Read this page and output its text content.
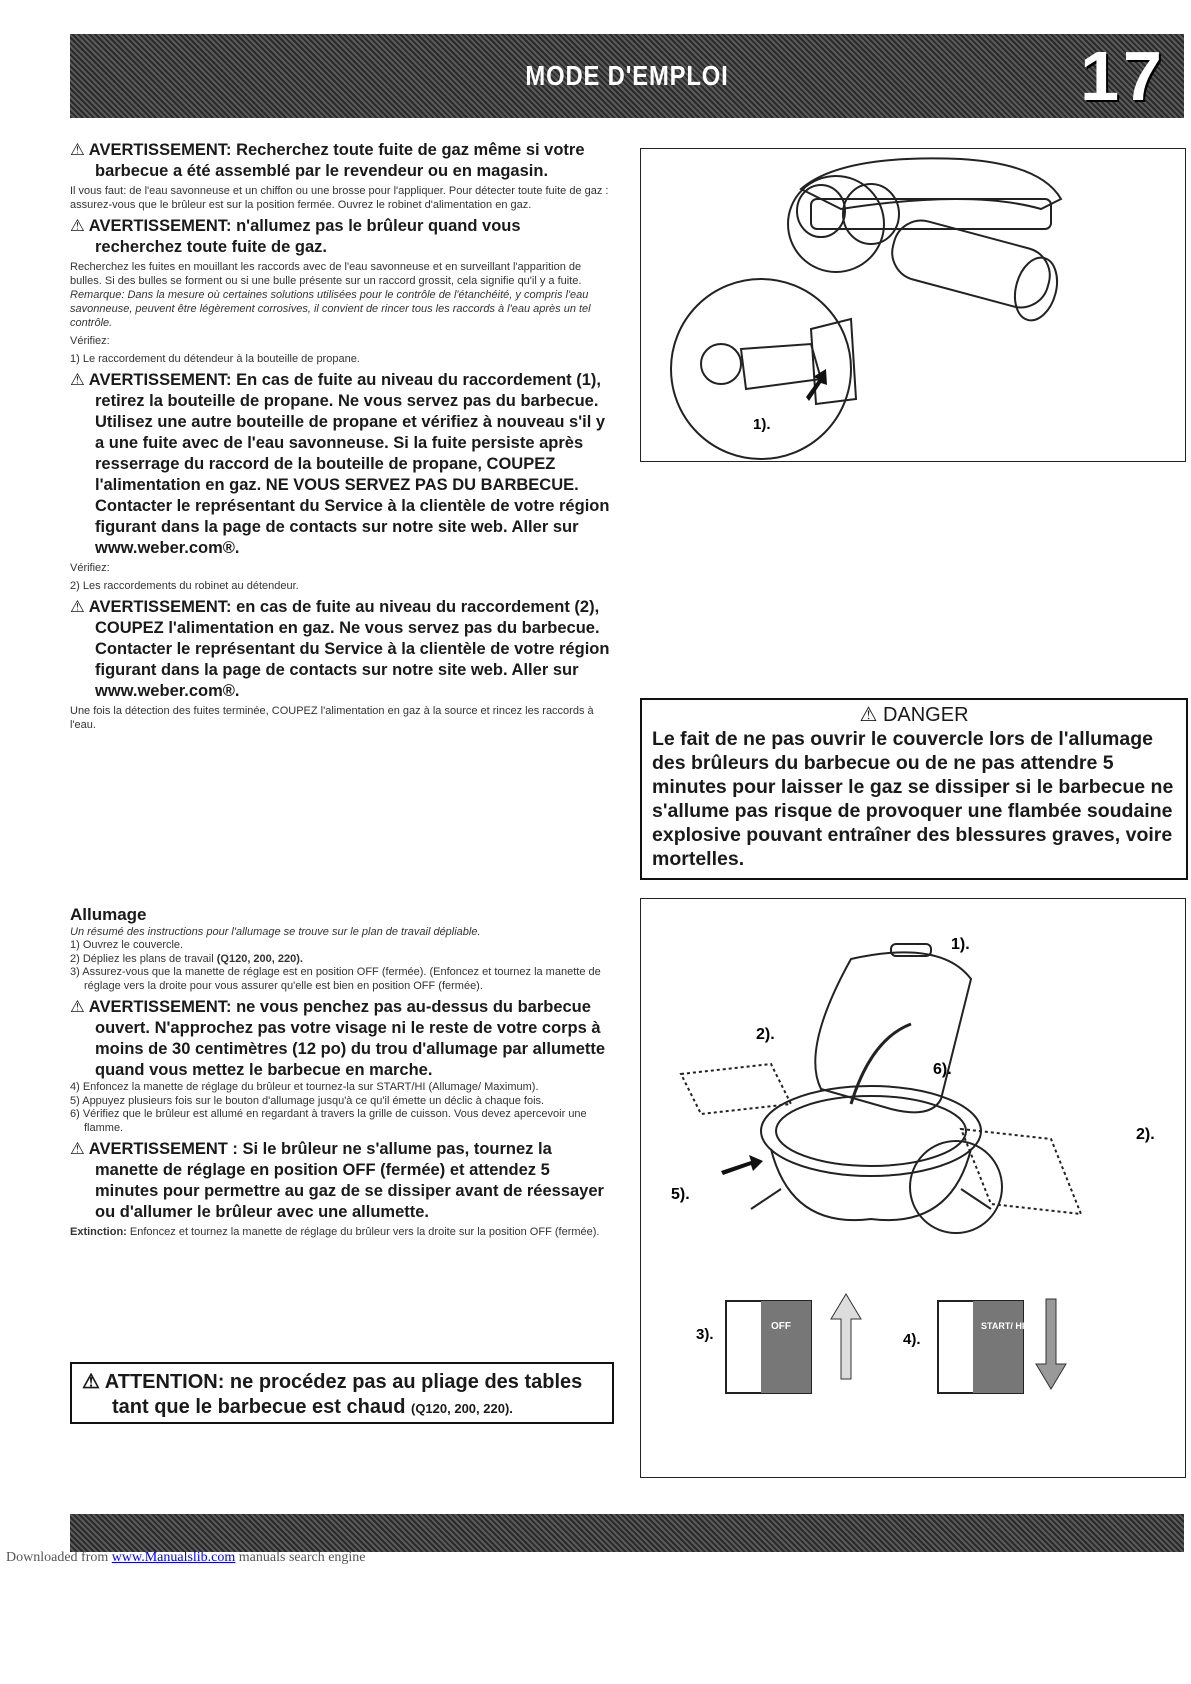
MODE D'EMPLOI	17

⚠ AVERTISSEMENT: Recherchez toute fuite de gaz même si votre barbecue a été assemblé par le revendeur ou en magasin.

Il vous faut: de l'eau savonneuse et un chiffon ou une brosse pour l'appliquer. Pour détecter toute fuite de gaz : assurez-vous que le brûleur est sur la position fermée. Ouvrez le robinet d'alimentation en gaz.

⚠ AVERTISSEMENT: n'allumez pas le brûleur quand vous recherchez toute fuite de gaz.

Recherchez les fuites en mouillant les raccords avec de l'eau savonneuse et en surveillant l'apparition de bulles. Si des bulles se forment ou si une bulle présente sur un raccord grossit, cela signifie qu'il y a fuite. Remarque: Dans la mesure où certaines solutions utilisées pour le contrôle de l'étanchéité, y compris l'eau savonneuse, peuvent être légèrement corrosives, il convient de rincer tous les raccords à l'eau après un tel contrôle.

Vérifiez:

1) Le raccordement du détendeur à la bouteille de propane.

⚠ AVERTISSEMENT: En cas de fuite au niveau du raccordement (1), retirez la bouteille de propane. Ne vous servez pas du barbecue. Utilisez une autre bouteille de propane et vérifiez à nouveau s'il y a une fuite avec de l'eau savonneuse. Si la fuite persiste après resserrage du raccord de la bouteille de propane, COUPEZ l'alimentation en gaz. NE VOUS SERVEZ PAS DU BARBECUE. Contacter le représentant du Service à la clientèle de votre région figurant dans la page de contacts sur notre site web. Aller sur www.weber.com®.

Vérifiez:

2) Les raccordements du robinet au détendeur.

⚠ AVERTISSEMENT: en cas de fuite au niveau du raccordement (2), COUPEZ l'alimentation en gaz. Ne vous servez pas du barbecue. Contacter le représentant du Service à la clientèle de votre région figurant dans la page de contacts sur notre site web. Aller sur www.weber.com®.

Une fois la détection des fuites terminée, COUPEZ l'alimentation en gaz à la source et rincez les raccords à l'eau.

Allumage

Un résumé des instructions pour l'allumage se trouve sur le plan de travail dépliable.

1) Ouvrez le couvercle.

2) Dépliez les plans de travail (Q120, 200, 220).

3) Assurez-vous que la manette de réglage est en position OFF (fermée). (Enfoncez et tournez la manette de réglage vers la droite pour vous assurer qu'elle est bien en position OFF (fermée).

⚠ AVERTISSEMENT: ne vous penchez pas au-dessus du barbecue ouvert. N'approchez pas votre visage ni le reste de votre corps à moins de 30 centimètres (12 po) du trou d'allumage par allumette quand vous mettez le barbecue en marche.

4) Enfoncez la manette de réglage du brûleur et tournez-la sur START/HI (Allumage/ Maximum).

5) Appuyez plusieurs fois sur le bouton d'allumage jusqu'à ce qu'il émette un déclic à chaque fois.

6) Vérifiez que le brûleur est allumé en regardant à travers la grille de cuisson. Vous devez apercevoir une flamme.

⚠ AVERTISSEMENT : Si le brûleur ne s'allume pas, tournez la manette de réglage en position OFF (fermée) et attendez 5 minutes pour permettre au gaz de se dissiper avant de réessayer ou d'allumer le brûleur avec une allumette.

Extinction: Enfoncez et tournez la manette de réglage du brûleur vers la droite sur la position OFF (fermée).

⚠ ATTENTION: ne procédez pas au pliage des tables tant que le barbecue est chaud (Q120, 200, 220).
1).
⚠ DANGER
Le fait de ne pas ouvrir le couvercle lors de l'allumage des brûleurs du barbecue ou de ne pas attendre 5 minutes pour laisser le gaz se dissiper si le barbecue ne s'allume pas risque de provoquer une flambée soudaine explosive pouvant entraîner des blessures graves, voire mortelles.
1).
2).
2).
6).
5).
OFF
3).	START/ HI
4).
Downloaded from www.Manualslib.com manuals search engine
